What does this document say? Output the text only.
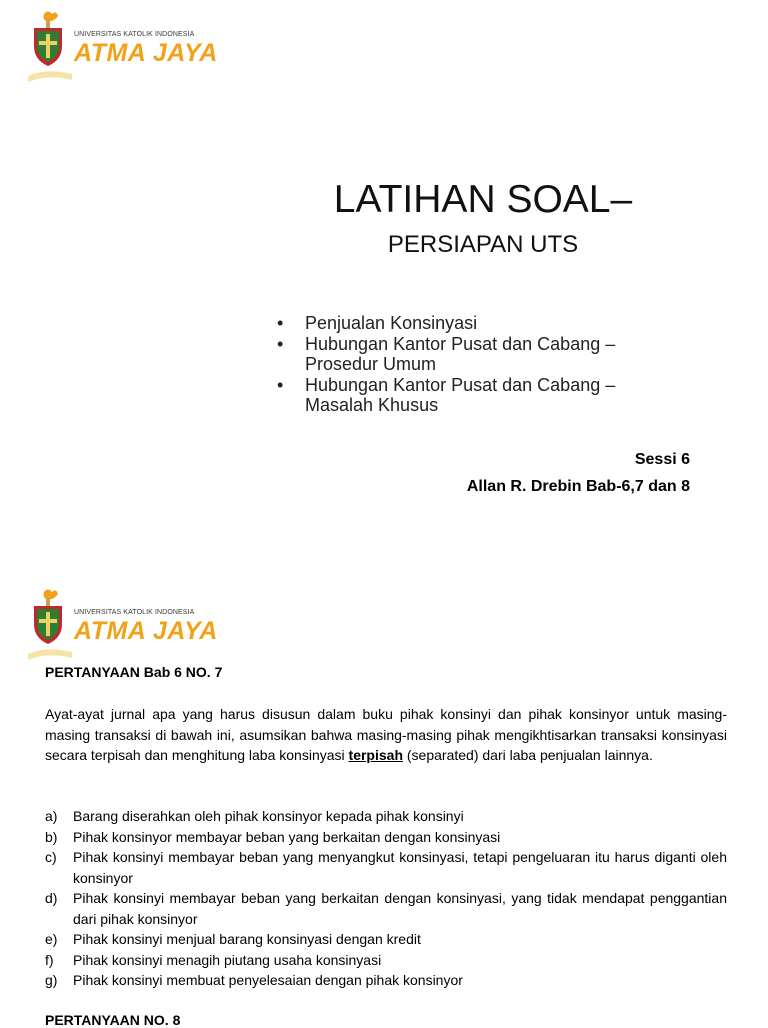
UNIVERSITAS KATOLIK INDONESIA
ATMA JAYA
LATIHAN SOAL–
PERSIAPAN UTS
• Penjualan Konsinyasi
• Hubungan Kantor Pusat dan Cabang – Prosedur Umum
• Hubungan Kantor Pusat dan Cabang – Masalah Khusus
Sessi 6
Allan R. Drebin Bab-6,7 dan 8
UNIVERSITAS KATOLIK INDONESIA
ATMA JAYA
PERTANYAAN Bab 6 NO. 7

Ayat-ayat jurnal apa yang harus disusun dalam buku pihak konsinyi dan pihak konsinyor untuk masing-masing transaksi di bawah ini, asumsikan bahwa masing-masing pihak mengikhtisarkan transaksi konsinyasi secara terpisah dan menghitung laba konsinyasi terpisah (separated) dari laba penjualan lainnya.

a)	Barang diserahkan oleh pihak konsinyor kepada pihak konsinyi
b)	Pihak konsinyor membayar beban yang berkaitan dengan konsinyasi
c)	Pihak konsinyi membayar beban yang menyangkut konsinyasi, tetapi pengeluaran itu harus diganti oleh konsinyor
d)	Pihak konsinyi membayar beban yang berkaitan dengan konsinyasi, yang tidak mendapat penggantian dari pihak konsinyor
e)	Pihak konsinyi menjual barang konsinyasi dengan kredit
f)	Pihak konsinyi menagih piutang usaha konsinyasi
g)	Pihak konsinyi membuat penyelesaian dengan pihak konsinyor
PERTANYAAN NO. 8
